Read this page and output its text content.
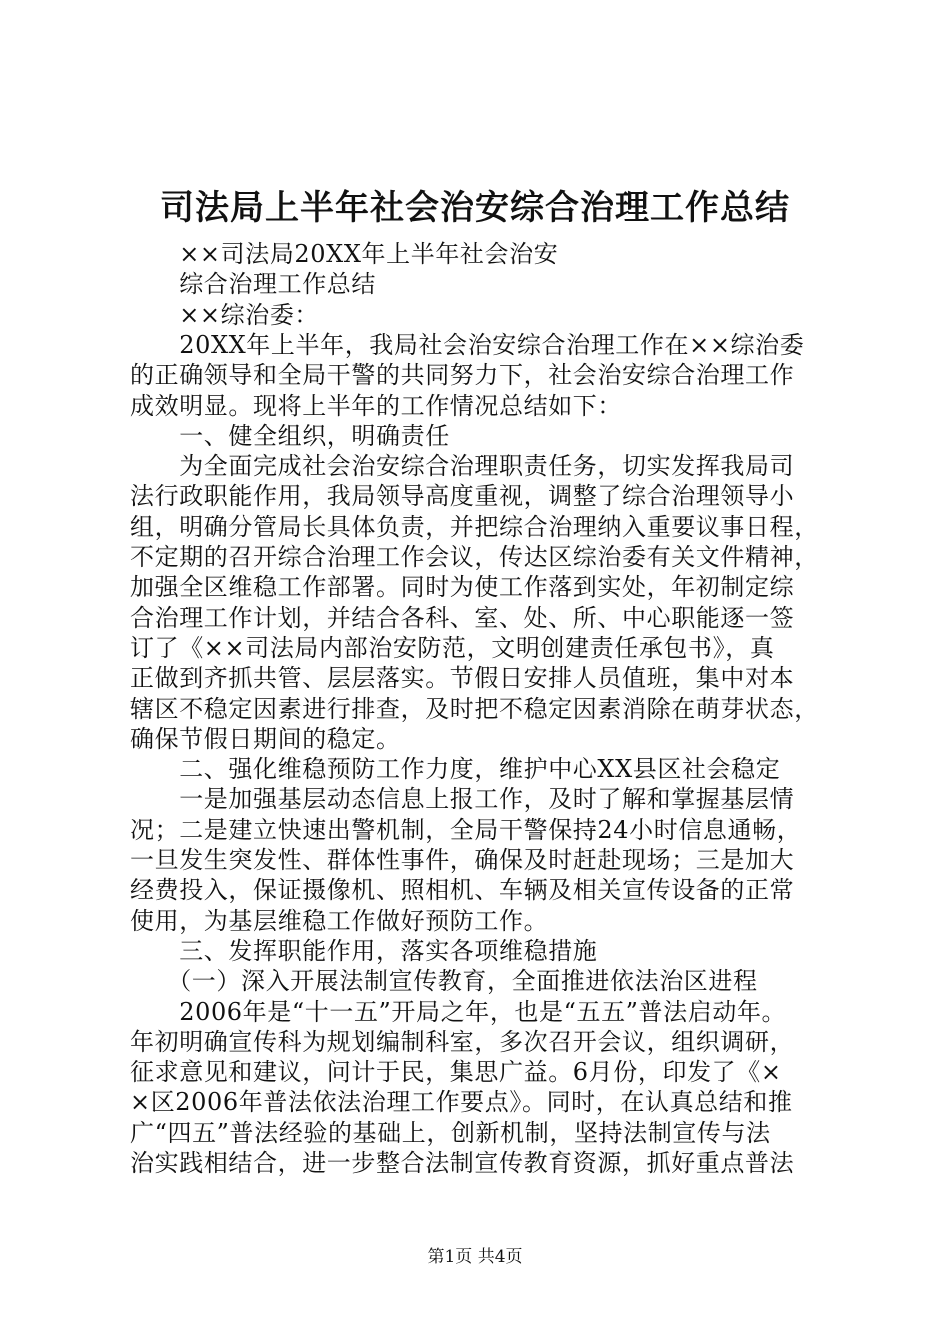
司法局上半年社会治安综合治理工作总结
　　××司法局20XX年上半年社会治安
　　综合治理工作总结
　　××综治委：
　　20XX年上半年，我局社会治安综合治理工作在××综治委
的正确领导和全局干警的共同努力下，社会治安综合治理工作
成效明显。现将上半年的工作情况总结如下：
　　一、健全组织，明确责任
　　为全面完成社会治安综合治理职责任务，切实发挥我局司
法行政职能作用，我局领导高度重视，调整了综合治理领导小
组，明确分管局长具体负责，并把综合治理纳入重要议事日程，
不定期的召开综合治理工作会议，传达区综治委有关文件精神，
加强全区维稳工作部署。同时为使工作落到实处，年初制定综
合治理工作计划，并结合各科、室、处、所、中心职能逐一签
订了《××司法局内部治安防范，文明创建责任承包书》，真
正做到齐抓共管、层层落实。节假日安排人员值班，集中对本
辖区不稳定因素进行排查，及时把不稳定因素消除在萌芽状态，
确保节假日期间的稳定。
　　二、强化维稳预防工作力度，维护中心XX县区社会稳定
　　一是加强基层动态信息上报工作，及时了解和掌握基层情
况；二是建立快速出警机制，全局干警保持24小时信息通畅，
一旦发生突发性、群体性事件，确保及时赶赴现场；三是加大
经费投入，保证摄像机、照相机、车辆及相关宣传设备的正常
使用，为基层维稳工作做好预防工作。
　　三、发挥职能作用，落实各项维稳措施
　　（一）深入开展法制宣传教育，全面推进依法治区进程
　　2006年是“十一五”开局之年，也是“五五”普法启动年。
年初明确宣传科为规划编制科室，多次召开会议，组织调研，
征求意见和建议，问计于民，集思广益。6月份，印发了《×
×区2006年普法依法治理工作要点》。同时，在认真总结和推
广“四五”普法经验的基础上，创新机制，坚持法制宣传与法
治实践相结合，进一步整合法制宣传教育资源，抓好重点普法
第1页 共4页
